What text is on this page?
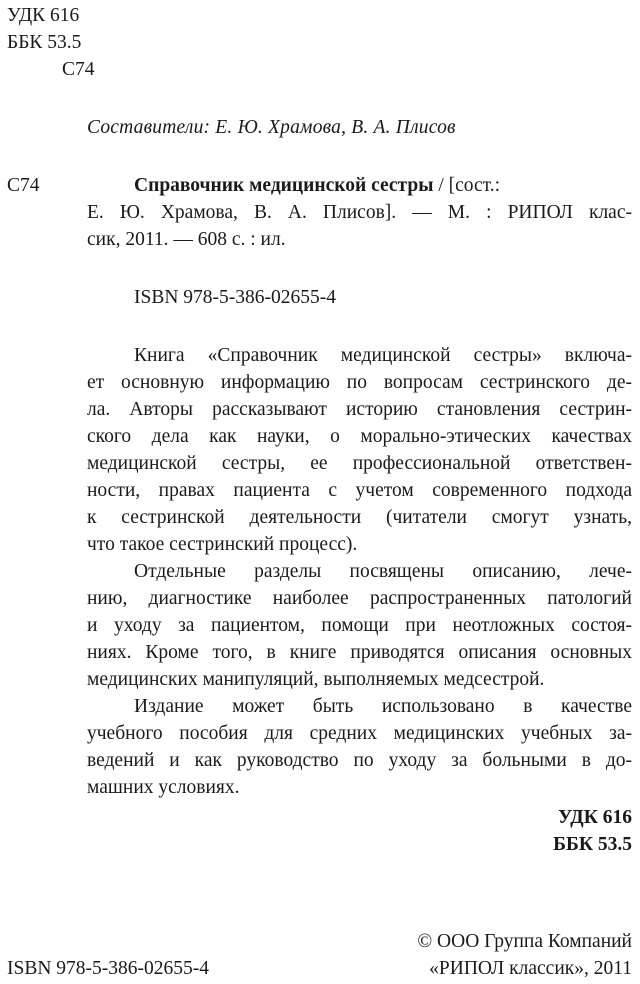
УДК 616
ББК 53.5
С74
Составители: Е. Ю. Храмова, В. А. Плисов
С74	Справочник медицинской сестры / [сост.:
Е. Ю. Храмова, В. А. Плисов]. — М. : РИПОЛ клас-
сик, 2011. — 608 с. : ил.
ISBN 978-5-386-02655-4
Книга «Справочник медицинской сестры» включа-
ет основную информацию по вопросам сестринского де-
ла. Авторы рассказывают историю становления сестрин-
ского дела как науки, о морально-этических качествах
медицинской сестры, ее профессиональной ответствен-
ности, правах пациента с учетом современного подхода
к сестринской деятельности (читатели смогут узнать,
что такое сестринский процесс).
Отдельные разделы посвящены описанию, лече-
нию, диагностике наиболее распространенных патологий
и уходу за пациентом, помощи при неотложных состоя-
ниях. Кроме того, в книге приводятся описания основных
медицинских манипуляций, выполняемых медсестрой.
Издание может быть использовано в качестве
учебного пособия для средних медицинских учебных за-
ведений и как руководство по уходу за больными в до-
машних условиях.
УДК 616
ББК 53.5
© ООО Группа Компаний
ISBN 978-5-386-02655-4	«РИПОЛ классик», 2011
